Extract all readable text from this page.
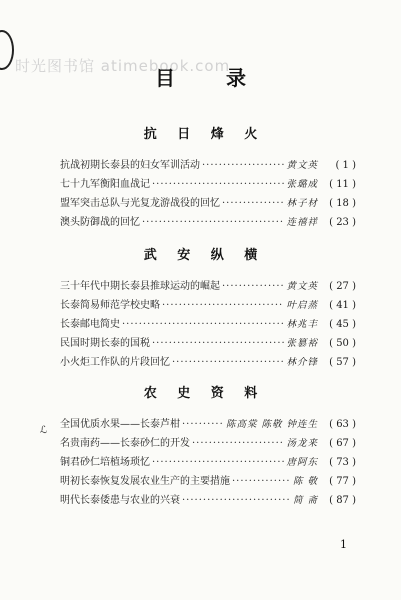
时光图书馆 atimebook.com
目 录
抗 日 烽 火
抗战初期长泰县的妇女军训活动 ·····	黄文英	( 1 )
七十九军衡阳血战记 ·····	张璐成	( 11 )
盟军突击总队与光复龙游战役的回忆 ·····	林子材	( 18 )
澳头防御战的回忆 ·····	连禧祥	( 23 )
武 安 纵 横
三十年代中期长泰县推球运动的崛起 ·····	黄文英	( 27 )
长泰简易师范学校史略 ·····	叶启蒸	( 41 )
长泰邮电简史 ·····	林兆丰	( 45 )
民国时期长泰的国税 ·····	张篡裕	( 50 )
小火炬工作队的片段回忆 ·····	林介锋	( 57 )
农 史 资 料
全国优质水果——长泰芦柑 ·····	陈高棠 陈敬 钟连生	( 63 )
名贵南药——长泰砂仁的开发 ·····	汤龙来	( 67 )
铜君砂仁培植场琐忆 ·····	唐阿东	( 73 )
明初长泰恢复发展农业生产的主要措施 ·····	陈 敬	( 77 )
明代长泰倭患与农业的兴衰 ·····	简 斋	( 87 )
ℒ
1
